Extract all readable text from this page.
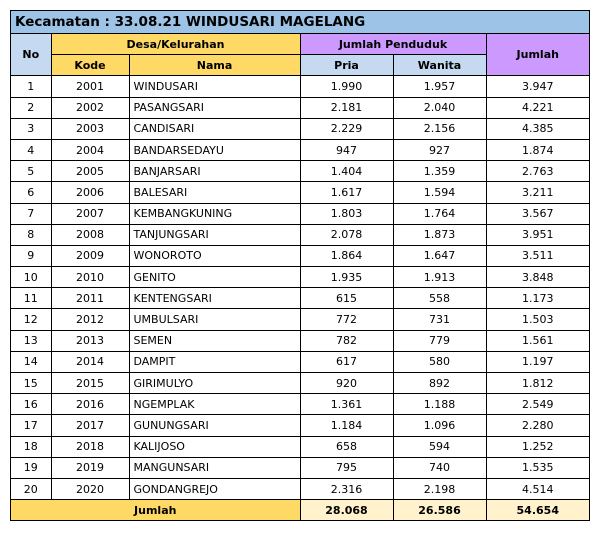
Kecamatan : 33.08.21 WINDUSARI MAGELANG
No	Desa/Kelurahan		Jumlah Penduduk		Jumlah
	Kode	Nama	Pria	Wanita	
1	2001	WINDUSARI	1.990	1.957	3.947
2	2002	PASANGSARI	2.181	2.040	4.221
3	2003	CANDISARI	2.229	2.156	4.385
4	2004	BANDARSEDAYU	947	927	1.874
5	2005	BANJARSARI	1.404	1.359	2.763
6	2006	BALESARI	1.617	1.594	3.211
7	2007	KEMBANGKUNING	1.803	1.764	3.567
8	2008	TANJUNGSARI	2.078	1.873	3.951
9	2009	WONOROTO	1.864	1.647	3.511
10	2010	GENITO	1.935	1.913	3.848
11	2011	KENTENGSARI	615	558	1.173
12	2012	UMBULSARI	772	731	1.503
13	2013	SEMEN	782	779	1.561
14	2014	DAMPIT	617	580	1.197
15	2015	GIRIMULYO	920	892	1.812
16	2016	NGEMPLAK	1.361	1.188	2.549
17	2017	GUNUNGSARI	1.184	1.096	2.280
18	2018	KALIJOSO	658	594	1.252
19	2019	MANGUNSARI	795	740	1.535
20	2020	GONDANGREJO	2.316	2.198	4.514
Jumlah			28.068	26.586	54.654
